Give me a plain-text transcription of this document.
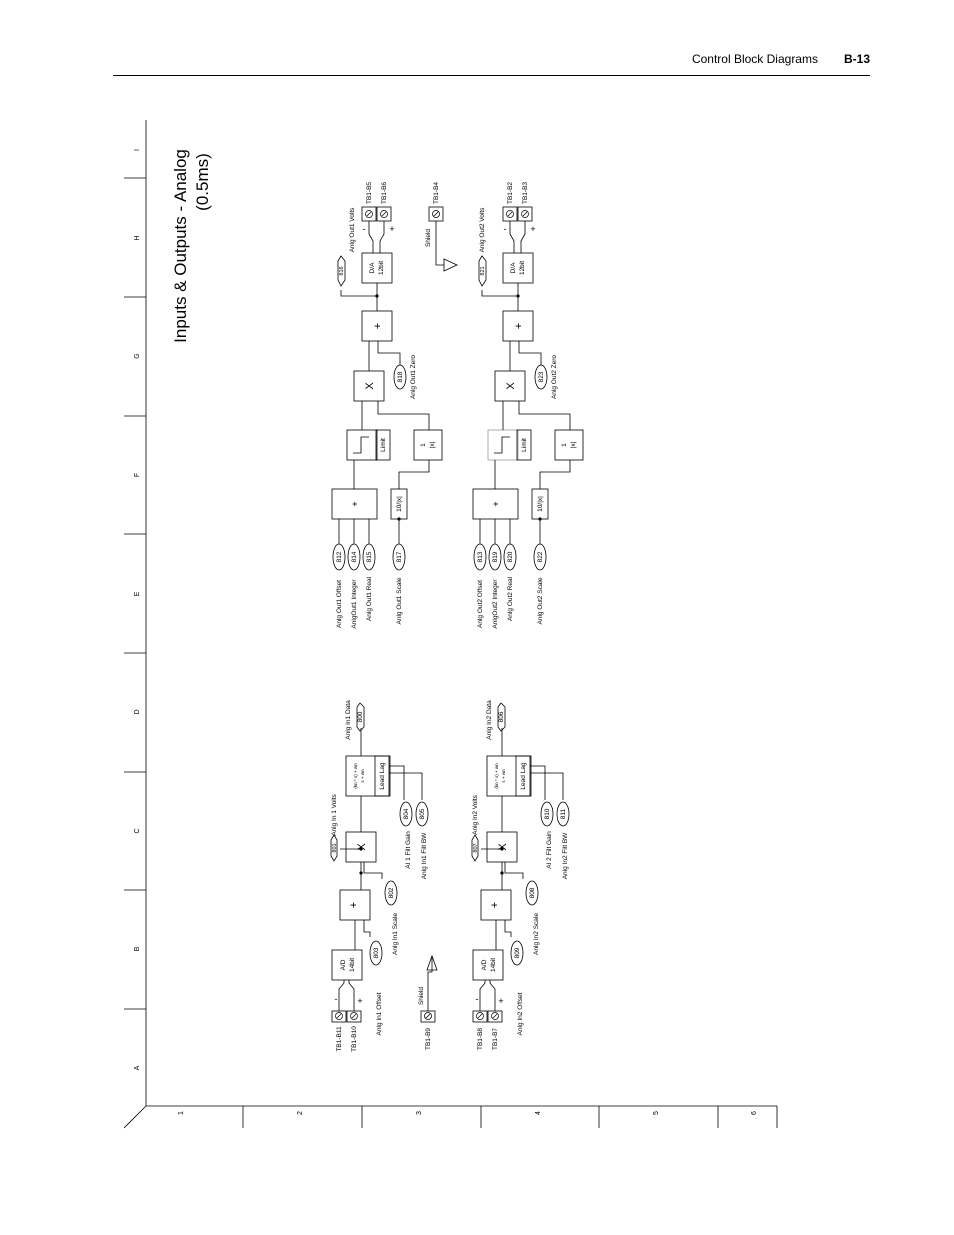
Control Block Diagrams B-13
A
B
C
D
E
F
G
H
I
1	2	3	4	5	6
Inputs & Outputs - Analog (0.5ms)
TB1-B11 TB1-B10
- +
A/D 14bit
+
X
803
Anlg In1 Offset
802
Anlg In1 Scale
801
Anlg In 1 Volts
(kn * s) + wn s + wn Lead Lag
804
AI 1 Filt Gain
805
Anlg In1 Filt BW
800
Anlg In1 Data
TB1-B9
Shield
TB1-B8 TB1-B7
- +
A/D 14bit
+
X
809
Anlg In2 Offset
808
Anlg In2 Scale
807
Anlg In2 Volts
(kn * s) + wn s + wn Lead Lag
810
AI 2 Filt Gain
811
Anlg In2 Filt BW
806
Anlg In2 Data
812
Anlg Out1 Offset
814
AnlgOut1 Integer
815
Anlg Out1 Real
817
Anlg Out1 Scale
+	10/|x|
Limit	1 |x|
X
+
818 Anlg Out1 Zero
D/A 12bit
816
Anlg Out1 Volts -	+
TB1-B5 TB1-B6	TB1-B4
Shield
813
Anlg Out2 Offset
819
AnlgOut2 Integer
820
Anlg Out2 Real
822
Anlg Out2 Scale
+	10/|x|
Limit	1 |x|
X
+
823 Anlg Out2 Zero
D/A 12bit
821
Anlg Out2 Volts -	+
TB1-B2 TB1-B3
